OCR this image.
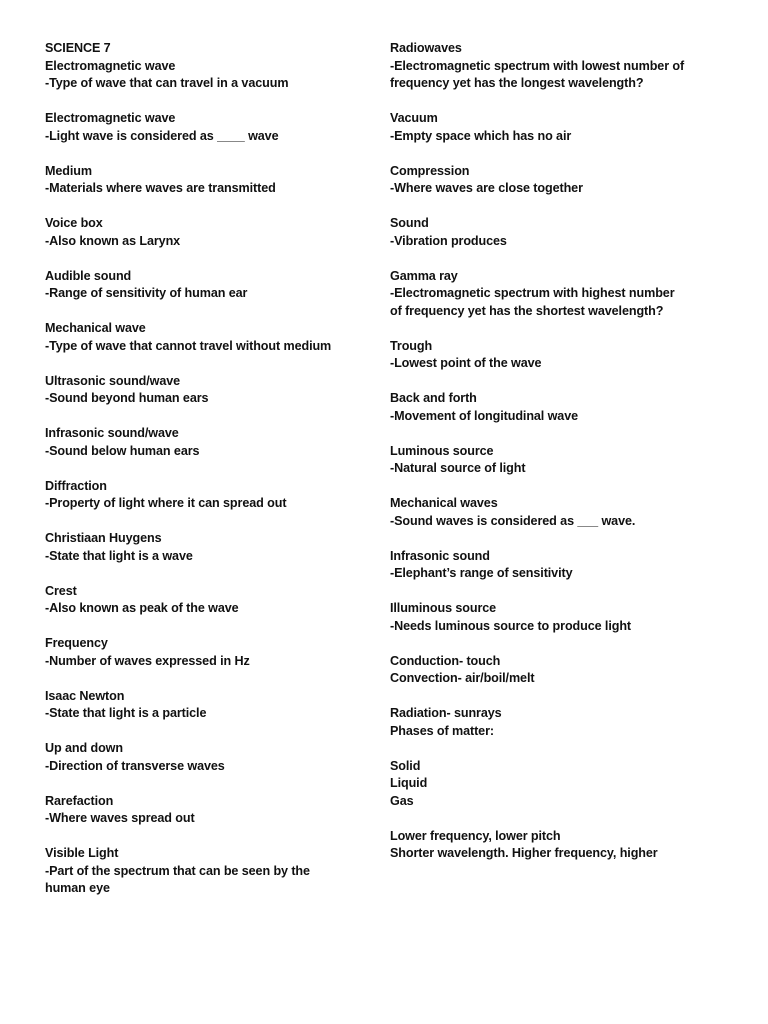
SCIENCE 7
Electromagnetic wave
-Type of wave that can travel in a vacuum
Electromagnetic wave
-Light wave is considered as ____ wave
Medium
-Materials where waves are transmitted
Voice box
-Also known as Larynx
Audible sound
-Range of sensitivity of human ear
Mechanical wave
-Type of wave that cannot travel without medium
Ultrasonic sound/wave
-Sound beyond human ears
Infrasonic sound/wave
-Sound below human ears
Diffraction
-Property of light where it can spread out
Christiaan Huygens
-State that light is a wave
Crest
-Also known as peak of the wave
Frequency
-Number of waves expressed in Hz
Isaac Newton
-State that light is a particle
Up and down
-Direction of transverse waves
Rarefaction
-Where waves spread out
Visible Light
-Part of the spectrum that can be seen by the
human eye
Radiowaves
-Electromagnetic spectrum with lowest number of
frequency yet has the longest wavelength?
Vacuum
-Empty space which has no air
Compression
-Where waves are close together
Sound
-Vibration produces
Gamma ray
-Electromagnetic spectrum with highest number
of frequency yet has the shortest wavelength?
Trough
-Lowest point of the wave
Back and forth
-Movement of longitudinal wave
Luminous source
-Natural source of light
Mechanical waves
-Sound waves is considered as ___ wave.
Infrasonic sound
-Elephant’s range of sensitivity
Illuminous source
-Needs luminous source to produce light
Conduction- touch
Convection- air/boil/melt
Radiation- sunrays
Phases of matter:
Solid
Liquid
Gas
Lower frequency, lower pitch
Shorter wavelength. Higher frequency, higher
